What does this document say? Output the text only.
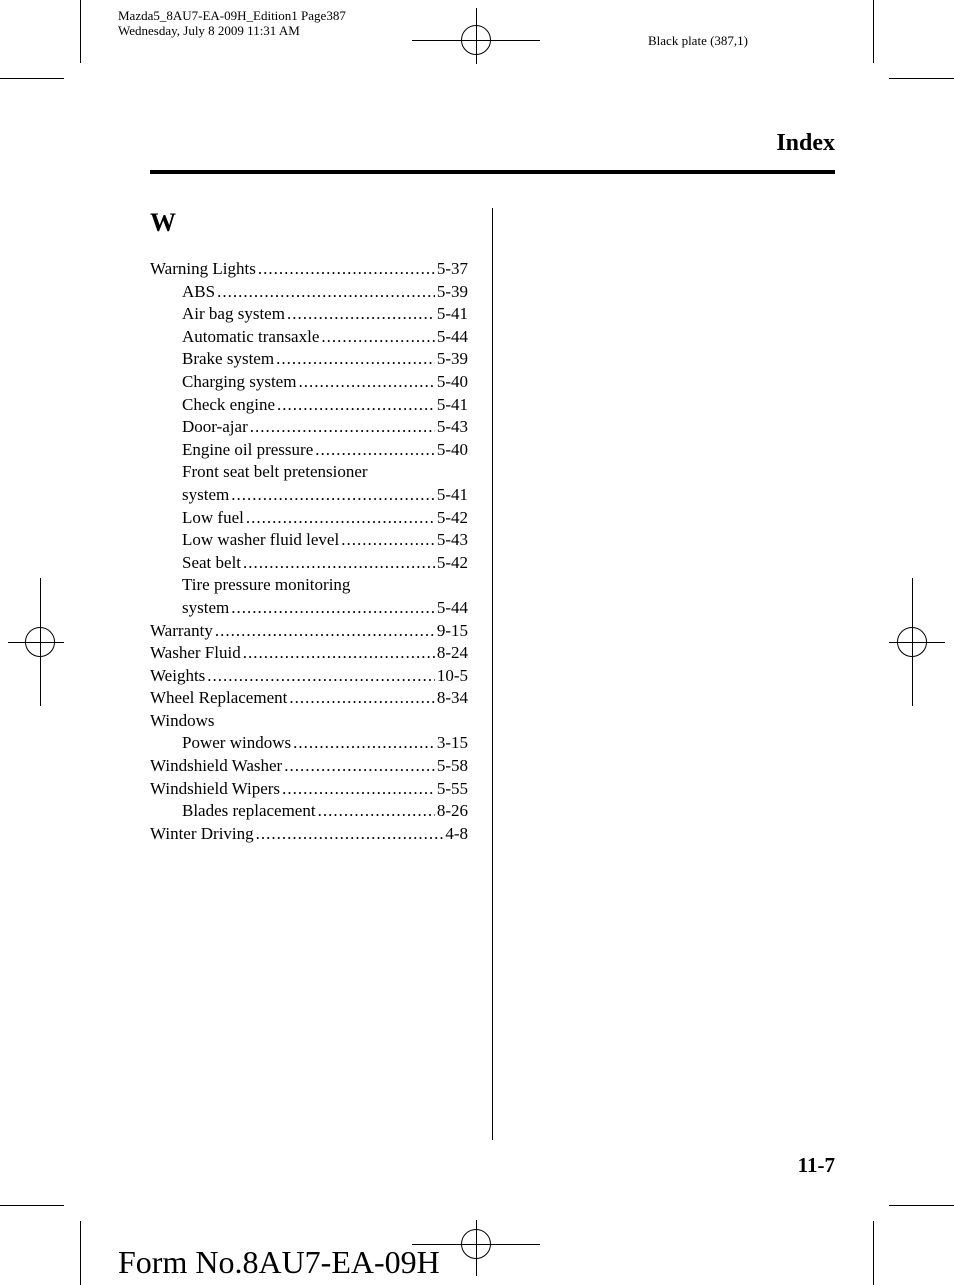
Mazda5_8AU7-EA-09H_Edition1 Page387
Wednesday, July 8 2009 11:31 AM
Black plate (387,1)
Index
W
Warning Lights .....	5-37
ABS .....	5-39
Air bag system .....	5-41
Automatic transaxle .....	5-44
Brake system .....	5-39
Charging system .....	5-40
Check engine .....	5-41
Door-ajar .....	5-43
Engine oil pressure .....	5-40
Front seat belt pretensioner
system .....	5-41
Low fuel .....	5-42
Low washer fluid level .....	5-43
Seat belt .....	5-42
Tire pressure monitoring
system .....	5-44
Warranty .....	9-15
Washer Fluid .....	8-24
Weights .....	10-5
Wheel Replacement .....	8-34
Windows
Power windows .....	3-15
Windshield Washer .....	5-58
Windshield Wipers .....	5-55
Blades replacement .....	8-26
Winter Driving .....	4-8
11-7
Form No.8AU7-EA-09H
